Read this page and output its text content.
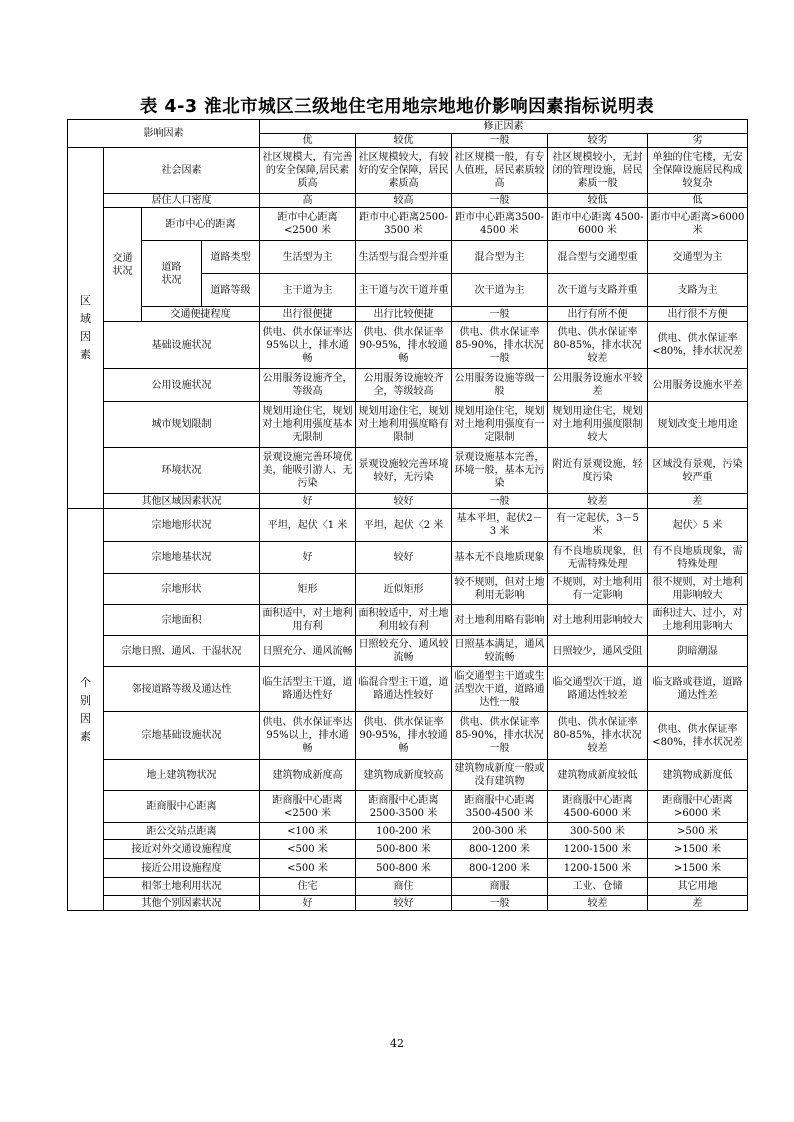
表 4-3 淮北市城区三级地住宅用地宗地地价影响因素指标说明表
影响因素				修正因素				
				优	较优	一般	较劣	劣

区域因素	社会因素			社区规模大，有完善的安全保障,居民素质高	社区规模较大，有较好的安全保障，居民素质高	社区规模一般，有专人值班，居民素质较高	社区规模较小，无封闭的管理设施，居民素质一般	单独的住宅楼，无安全保障设施居民构成较复杂
	居住人口密度			高	较高	一般	较低	低

	交通状况	距市中心的距离		距市中心距离<2500 米	距市中心距离2500-3500 米	距市中心距离3500-4500 米	距市中心距离 4500-6000 米	距市中心距离>6000 米

		道路状况	道路类型	生活型为主	生活型与混合型并重	混合型为主	混合型与交通型重	交通型为主
			道路等级	主干道为主	主干道与次干道并重	次干道为主	次干道与支路并重	支路为主
		交通便捷程度		出行很便捷	出行比较便捷	一般	出行有所不便	出行很不方便
	基础设施状况			供电、供水保证率达95%以上，排水通畅	供电、供水保证率90-95%，排水较通畅	供电、供水保证率85-90%，排水状况一般	供电、供水保证率80-85%，排水状况较差	供电、供水保证率<80%，排水状况差
	公用设施状况			公用服务设施齐全，等级高	公用服务设施较齐全，等级较高	公用服务设施等级一般	公用服务设施水平较差	公用服务设施水平差
	城市规划限制			规划用途住宅，规划对土地利用强度基本无限制	规划用途住宅，规划对土地利用强度略有限制	规划用途住宅，规划对土地利用强度有一定限制	规划用途住宅，规划对土地利用强度限制较大	规划改变土地用途
	环境状况			景观设施完善环境优美，能吸引游人、无污染	景观设施较完善环境较好，无污染	景观设施基本完善，环境一般，基本无污染	附近有景观设施，轻度污染	区域没有景观，污染较严重
	其他区域因素状况			好	较好	一般	较差	差

个别因素	宗地地形状况			平坦，起伏〈1 米	平坦，起伏〈2 米	基本平坦，起伏2－3 米	有一定起伏，3－5 米	起伏〉5 米
	宗地地基状况			好	较好	基本无不良地质现象	有不良地质现象，但无需特殊处理	有不良地质现象，需特殊处理
	宗地形状			矩形	近似矩形	较不规则，但对土地利用无影响	不规则，对土地利用有一定影响	很不规则，对土地利用影响较大
	宗地面积			面积适中，对土地利用有利	面积较适中，对土地利用较有利	对土地利用略有影响	对土地利用影响较大	面积过大、过小，对土地利用影响大
	宗地日照、通风、干湿状况			日照充分、通风流畅	日照较充分、通风较流畅	日照基本满足，通风较流畅	日照较少，通风受阻	阴暗潮湿
	邻接道路等级及通达性			临生活型主干道，道路通达性好	临混合型主干道，道路通达性较好	临交通型主干道或生活型次干道，道路通达性一般	临交通型次干道，道路通达性较差	临支路或巷道，道路通达性差
	宗地基础设施状况			供电、供水保证率达95%以上，排水通畅	供电、供水保证率90-95%，排水较通畅	供电、供水保证率85-90%，排水状况一般	供电、供水保证率80-85%，排水状况较差	供电、供水保证率<80%，排水状况差
	地上建筑物状况			建筑物成新度高	建筑物成新度较高	建筑物成新度一般或没有建筑物	建筑物成新度较低	建筑物成新度低
	距商服中心距离			距商服中心距离<2500 米	距商服中心距离2500-3500 米	距商服中心距离3500-4500 米	距商服中心距离4500-6000 米	距商服中心距离>6000 米
	距公交站点距离			<100 米	100-200 米	200-300 米	300-500 米	>500 米
	接近对外交通设施程度			<500 米	500-800 米	800-1200 米	1200-1500 米	>1500 米
	接近公用设施程度			<500 米	500-800 米	800-1200 米	1200-1500 米	>1500 米
	相邻土地利用状况			住宅	商住	商服	工业、仓储	其它用地
	其他个别因素状况			好	较好	一般	较差	差
42
